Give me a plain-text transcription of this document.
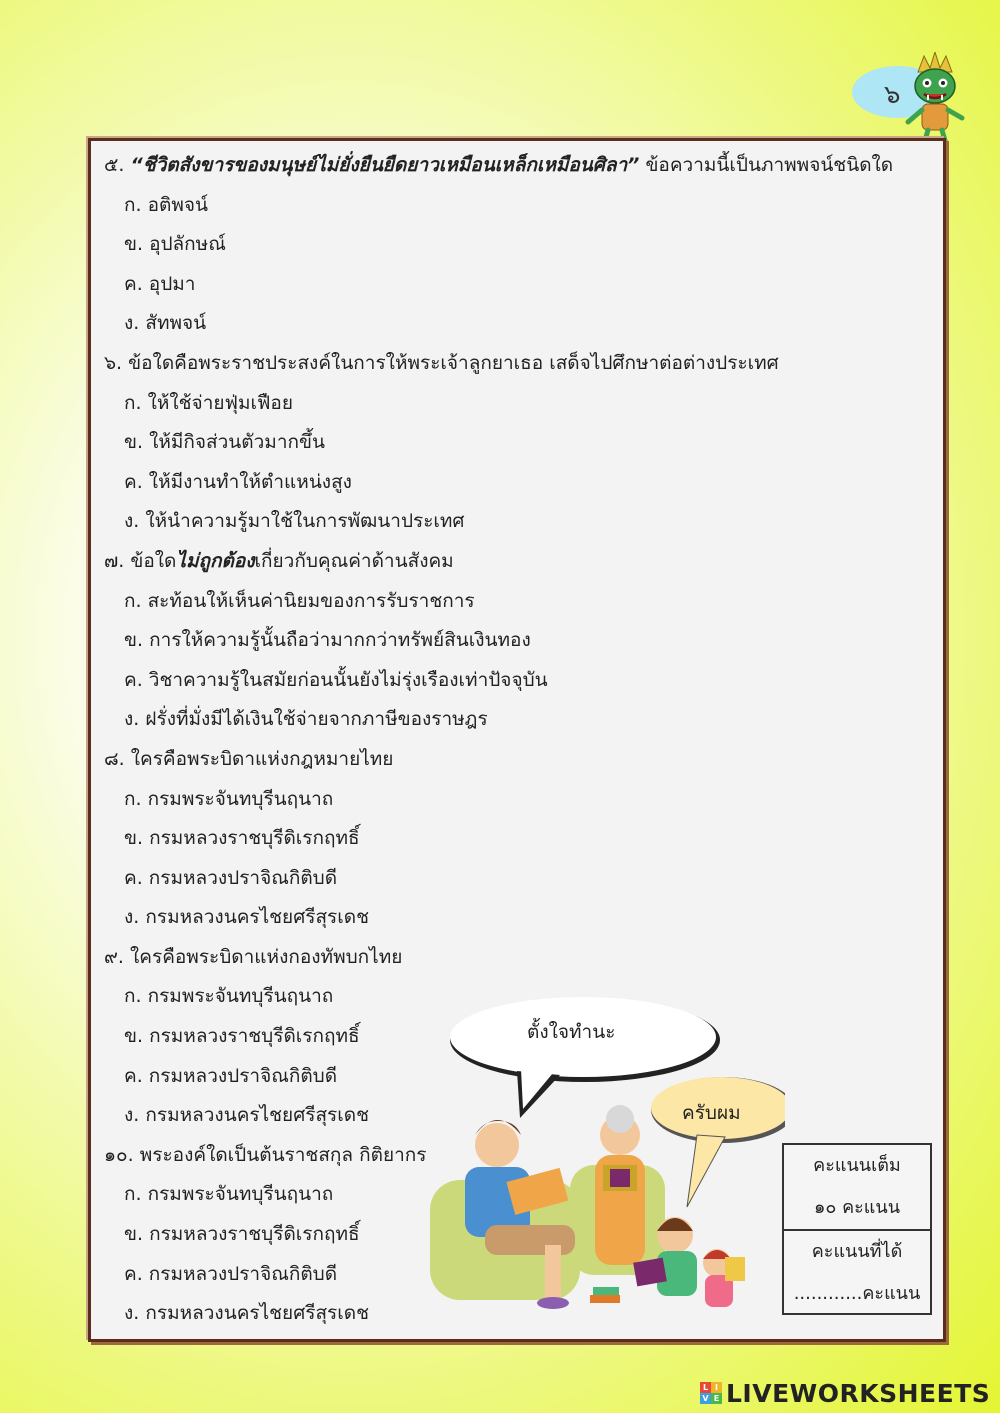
๖
๕. “ชีวิตสังขารของมนุษย์ไม่ยั่งยืนยืดยาวเหมือนเหล็กเหมือนศิลา” ข้อความนี้เป็นภาพพจน์ชนิดใด
ก. อติพจน์
ข. อุปลักษณ์
ค. อุปมา
ง. สัทพจน์
๖. ข้อใดคือพระราชประสงค์ในการให้พระเจ้าลูกยาเธอ เสด็จไปศึกษาต่อต่างประเทศ
ก. ให้ใช้จ่ายฟุ่มเฟือย
ข. ให้มีกิจส่วนตัวมากขึ้น
ค. ให้มีงานทำให้ตำแหน่งสูง
ง. ให้นำความรู้มาใช้ในการพัฒนาประเทศ
๗. ข้อใดไม่ถูกต้องเกี่ยวกับคุณค่าด้านสังคม
ก. สะท้อนให้เห็นค่านิยมของการรับราชการ
ข. การให้ความรู้นั้นถือว่ามากกว่าทรัพย์สินเงินทอง
ค. วิชาความรู้ในสมัยก่อนนั้นยังไม่รุ่งเรืองเท่าปัจจุบัน
ง. ฝรั่งที่มั่งมีได้เงินใช้จ่ายจากภาษีของราษฎร
๘. ใครคือพระบิดาแห่งกฎหมายไทย
ก. กรมพระจันทบุรีนฤนาถ
ข. กรมหลวงราชบุรีดิเรกฤทธิ์
ค. กรมหลวงปราจิณกิติบดี
ง. กรมหลวงนครไชยศรีสุรเดช
๙. ใครคือพระบิดาแห่งกองทัพบกไทย
ก. กรมพระจันทบุรีนฤนาถ
ข. กรมหลวงราชบุรีดิเรกฤทธิ์
ค. กรมหลวงปราจิณกิติบดี
ง. กรมหลวงนครไชยศรีสุรเดช
๑๐. พระองค์ใดเป็นต้นราชสกุล กิติยากร
ก. กรมพระจันทบุรีนฤนาถ
ข. กรมหลวงราชบุรีดิเรกฤทธิ์
ค. กรมหลวงปราจิณกิติบดี
ง. กรมหลวงนครไชยศรีสุรเดช
ตั้งใจทำนะ
ครับผม
คะแนนเต็ม
๑๐ คะแนน
คะแนนที่ได้
............คะแนน
L I
V E LIVEWORKSHEETS
